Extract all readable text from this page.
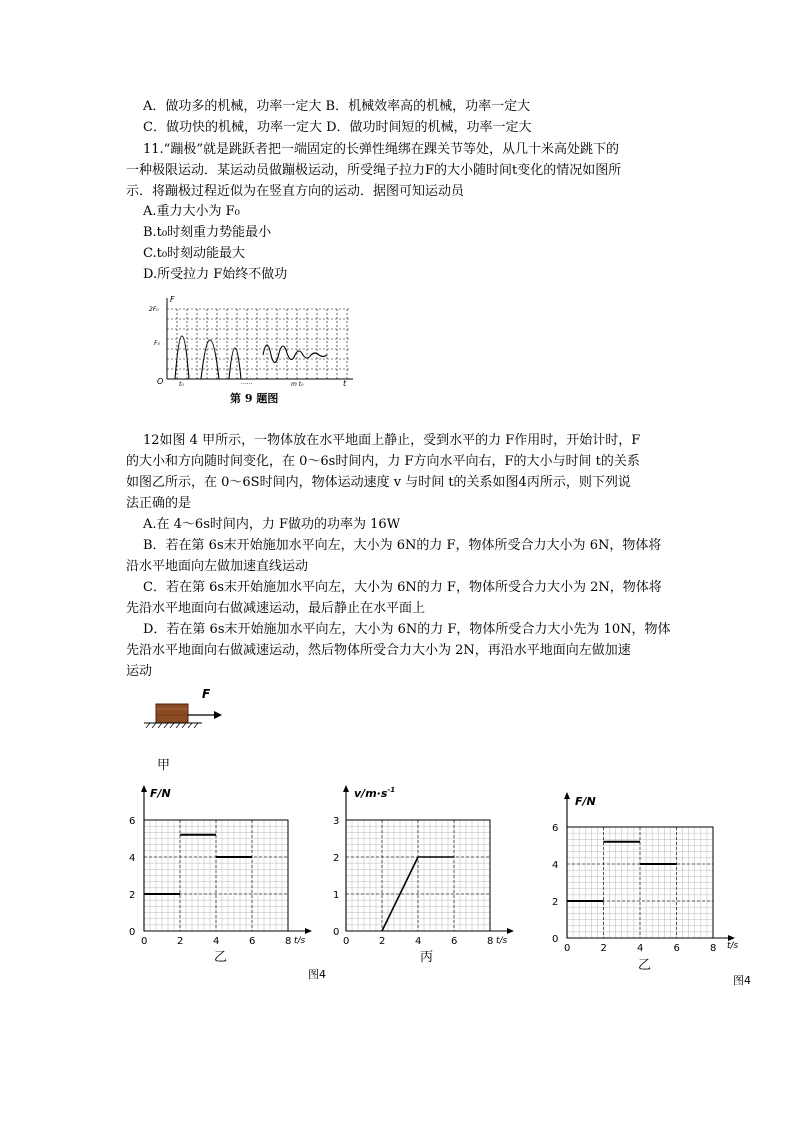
A．做功多的机械，功率一定大 B．机械效率高的机械，功率一定大
C．做功快的机械，功率一定大 D．做功时间短的机械，功率一定大
11.“蹦极”就是跳跃者把一端固定的长弹性绳绑在踝关节等处，从几十米高处跳下的
一种极限运动．某运动员做蹦极运动，所受绳子拉力F的大小随时间t变化的情况如图所
示．将蹦极过程近似为在竖直方向的运动．据图可知运动员
A.重力大小为 F₀
B.t₀时刻重力势能最小
C.t₀时刻动能最大
D.所受拉力 F始终不做功
F
t
O
2F₀
F₀
t₀	......	m t₀
第 9 题图
12如图 4 甲所示，一物体放在水平地面上静止，受到水平的力 F作用时，开始计时，F
的大小和方向随时间变化，在 0～6s时间内，力 F方向水平向右，F的大小与时间 t的关系
如图乙所示，在 0～6S时间内，物体运动速度 v 与时间 t的关系如图4丙所示，则下列说
法正确的是
A.在 4～6s时间内，力 F做功的功率为 16W
B．若在第 6s末开始施加水平向左，大小为 6N的力 F，物体所受合力大小为 6N，物体将
沿水平地面向左做加速直线运动
C．若在第 6s末开始施加水平向左，大小为 6N的力 F，物体所受合力大小为 2N，物体将
先沿水平地面向右做减速运动，最后静止在水平面上
D．若在第 6s末开始施加水平向左，大小为 6N的力 F，物体所受合力大小先为 10N，物体
先沿水平地面向右做减速运动，然后物体所受合力大小为 2N，再沿水平地面向左做加速
运动
F
甲
F/N
t/s
0	2	4	6	8
0
2
4
6
乙
$v/m\cdot s^{-1}$
t/s
0	2	4	6	8
0
1
2
3
丙
图4
F/N
t/s
0	2	4	6	8
0
2
4
6
乙
图4
